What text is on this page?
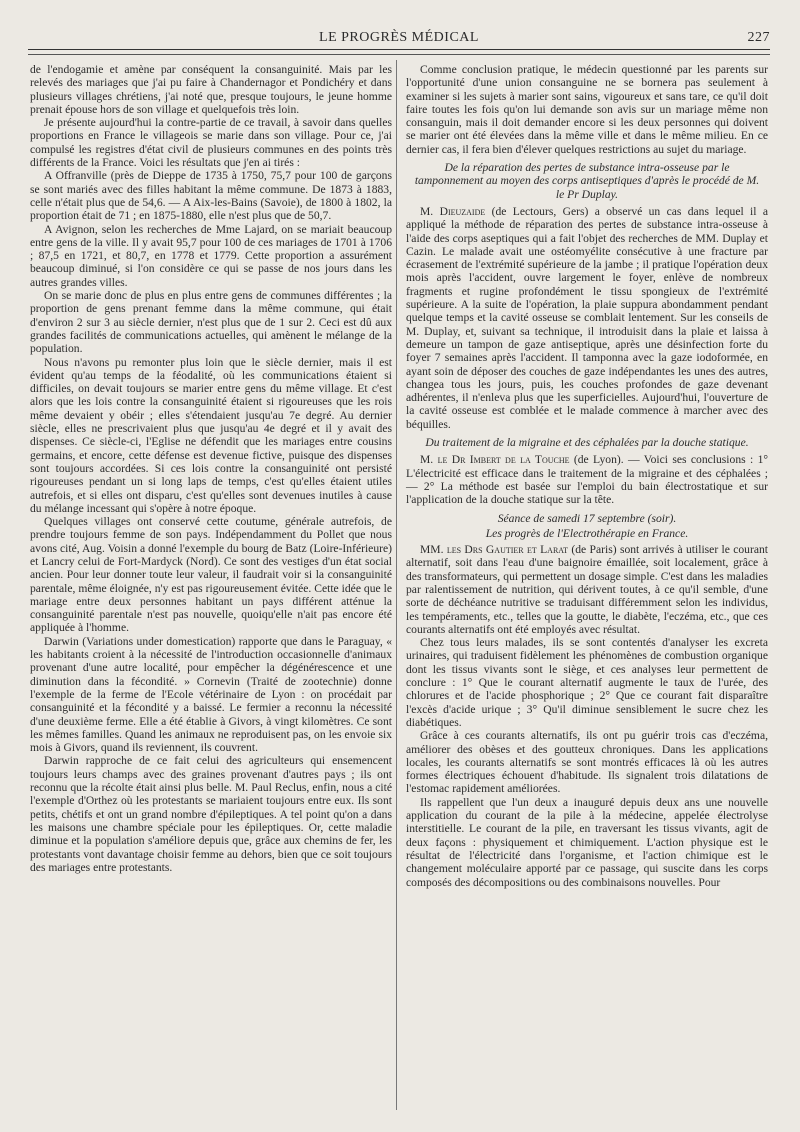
LE PROGRÈS MÉDICAL	227

de l'endogamie et amène par conséquent la consanguinité. Mais par les relevés des mariages que j'ai pu faire à Chandernagor et Pondichéry et dans plusieurs villages chrétiens, j'ai noté que, presque toujours, le jeune homme prenait épouse hors de son village et quelquefois très loin.

Je présente aujourd'hui la contre-partie de ce travail, à savoir dans quelles proportions en France le villageois se marie dans son village. Pour ce, j'ai compulsé les registres d'état civil de plusieurs communes en des points très différents de la France. Voici les résultats que j'en ai tirés :

A Offranville (près de Dieppe de 1735 à 1750, 75,7 pour 100 de garçons se sont mariés avec des filles habitant la même commune. De 1873 à 1883, celle n'était plus que de 54,6. — A Aix-les-Bains (Savoie), de 1800 à 1802, la proportion était de 71 ; en 1875-1880, elle n'est plus que de 50,7.

A Avignon, selon les recherches de Mme Lajard, on se mariait beaucoup entre gens de la ville. Il y avait 95,7 pour 100 de ces mariages de 1701 à 1706 ; 87,5 en 1721, et 80,7, en 1778 et 1779. Cette proportion a assurément beaucoup diminué, si l'on considère ce qui se passe de nos jours dans les autres grandes villes.

On se marie donc de plus en plus entre gens de communes différentes ; la proportion de gens prenant femme dans la même commune, qui était d'environ 2 sur 3 au siècle dernier, n'est plus que de 1 sur 2. Ceci est dû aux grandes facilités de communications actuelles, qui amènent le mélange de la population.

Nous n'avons pu remonter plus loin que le siècle dernier, mais il est évident qu'au temps de la féodalité, où les communications étaient si difficiles, on devait toujours se marier entre gens du même village. Et c'est alors que les lois contre la consanguinité étaient si rigoureuses que les rois même devaient y obéir ; elles s'étendaient jusqu'au 7e degré. Au dernier siècle, elles ne prescrivaient plus que jusqu'au 4e degré et il y avait des dispenses. Ce siècle-ci, l'Eglise ne défendit que les mariages entre cousins germains, et encore, cette défense est devenue fictive, puisque des dispenses sont toujours accordées. Si ces lois contre la consanguinité ont persisté rigoureuses pendant un si long laps de temps, c'est qu'elles étaient utiles autrefois, et si elles ont disparu, c'est qu'elles sont devenues inutiles à cause du mélange incessant qui s'opère à notre époque.

Quelques villages ont conservé cette coutume, générale autrefois, de prendre toujours femme de son pays. Indépendamment du Pollet que nous avons cité, Aug. Voisin a donné l'exemple du bourg de Batz (Loire-Inférieure) et Lancry celui de Fort-Mardyck (Nord). Ce sont des vestiges d'un état social ancien. Pour leur donner toute leur valeur, il faudrait voir si la consanguinité parentale, même éloignée, n'y est pas rigoureusement évitée. Cette idée que le mariage entre deux personnes habitant un pays différent atténue la consanguinité parentale n'est pas nouvelle, quoiqu'elle n'ait pas encore été appliquée à l'homme.

Darwin (Variations under domestication) rapporte que dans le Paraguay, « les habitants croient à la nécessité de l'introduction occasionnelle d'animaux provenant d'une autre localité, pour empêcher la dégénérescence et une diminution dans la fécondité. » Cornevin (Traité de zootechnie) donne l'exemple de la ferme de l'Ecole vétérinaire de Lyon : on procédait par consanguinité et la fécondité y a baissé. Le fermier a reconnu la nécessité d'une deuxième ferme. Elle a été établie à Givors, à vingt kilomètres. Ce sont les mêmes familles. Quand les animaux ne reproduisent pas, on les envoie six mois à Givors, quand ils reviennent, ils couvrent.

Darwin rapproche de ce fait celui des agriculteurs qui ensemencent toujours leurs champs avec des graines provenant d'autres pays ; ils ont reconnu que la récolte était ainsi plus belle. M. Paul Reclus, enfin, nous a cité l'exemple d'Orthez où les protestants se mariaient toujours entre eux. Ils sont petits, chétifs et ont un grand nombre d'épileptiques. A tel point qu'on a dans les maisons une chambre spéciale pour les épileptiques. Or, cette maladie diminue et la population s'améliore depuis que, grâce aux chemins de fer, les protestants vont davantage choisir femme au dehors, bien que ce soit toujours des mariages entre protestants.

Comme conclusion pratique, le médecin questionné par les parents sur l'opportunité d'une union consanguine ne se bornera pas seulement à examiner si les sujets à marier sont sains, vigoureux et sans tare, ce qu'il doit faire toutes les fois qu'on lui demande son avis sur un mariage même non consanguin, mais il doit demander encore si les deux personnes qui doivent se marier ont été élevées dans la même ville et dans le même milieu. En ce dernier cas, il fera bien d'élever quelques restrictions au sujet du mariage.

De la réparation des pertes de substance intra-osseuse par le tamponnement au moyen des corps antiseptiques d'après le procédé de M. le Pr Duplay.

M. Dieuzaide (de Lectours, Gers) a observé un cas dans lequel il a appliqué la méthode de réparation des pertes de substance intra-osseuse à l'aide des corps aseptiques qui a fait l'objet des recherches de MM. Duplay et Cazin. Le malade avait une ostéomyélite consécutive à une fracture par écrasement de l'extrémité supérieure de la jambe ; il pratique l'opération deux mois après l'accident, ouvre largement le foyer, enlève de nombreux fragments et rugine profondément le tissu spongieux de l'extrémité supérieure. A la suite de l'opération, la plaie suppura abondamment pendant quelque temps et la cavité osseuse se comblait lentement. Sur les conseils de M. Duplay, et, suivant sa technique, il introduisit dans la plaie et laissa à demeure un tampon de gaze antiseptique, après une désinfection forte du foyer 7 semaines après l'accident. Il tamponna avec la gaze iodoformée, en ayant soin de déposer des couches de gaze indépendantes les unes des autres, changea tous les jours, puis, les couches profondes de gaze devenant adhérentes, il n'enleva plus que les superficielles. Aujourd'hui, l'ouverture de la cavité osseuse est comblée et le malade commence à marcher avec des béquilles.

Du traitement de la migraine et des céphalées par la douche statique.

M. le Dr Imbert de la Touche (de Lyon). — Voici ses conclusions : 1° L'électricité est efficace dans le traitement de la migraine et des céphalées ; — 2° La méthode est basée sur l'emploi du bain électrostatique et sur l'application de la douche statique sur la tête.

Séance de samedi 17 septembre (soir).

Les progrès de l'Electrothérapie en France.

MM. les Drs Gautier et Larat (de Paris) sont arrivés à utiliser le courant alternatif, soit dans l'eau d'une baignoire émaillée, soit localement, grâce à des transformateurs, qui permettent un dosage simple. C'est dans les maladies par ralentissement de nutrition, qui dérivent toutes, à ce qu'il semble, d'une sorte de déchéance nutritive se traduisant différemment selon les individus, les tempéraments, etc., telles que la goutte, le diabète, l'eczéma, etc., que ces courants alternatifs ont été employés avec résultat.

Chez tous leurs malades, ils se sont contentés d'analyser les excreta urinaires, qui traduisent fidèlement les phénomènes de combustion organique dont les tissus vivants sont le siège, et ces analyses leur permettent de conclure : 1° Que le courant alternatif augmente le taux de l'urée, des chlorures et de l'acide phosphorique ; 2° Que ce courant fait disparaître l'excès d'acide urique ; 3° Qu'il diminue sensiblement le sucre chez les diabétiques.

Grâce à ces courants alternatifs, ils ont pu guérir trois cas d'eczéma, améliorer des obèses et des goutteux chroniques. Dans les applications locales, les courants alternatifs se sont montrés efficaces là où les autres formes électriques échouent d'habitude. Ils signalent trois dilatations de l'estomac rapidement améliorées.

Ils rappellent que l'un deux a inauguré depuis deux ans une nouvelle application du courant de la pile à la médecine, appelée électrolyse interstitielle. Le courant de la pile, en traversant les tissus vivants, agit de deux façons : physiquement et chimiquement. L'action physique est le résultat de l'électricité dans l'organisme, et l'action chimique est le changement moléculaire apporté par ce passage, qui suscite dans les corps composés des décompositions ou des combinaisons nouvelles. Pour
